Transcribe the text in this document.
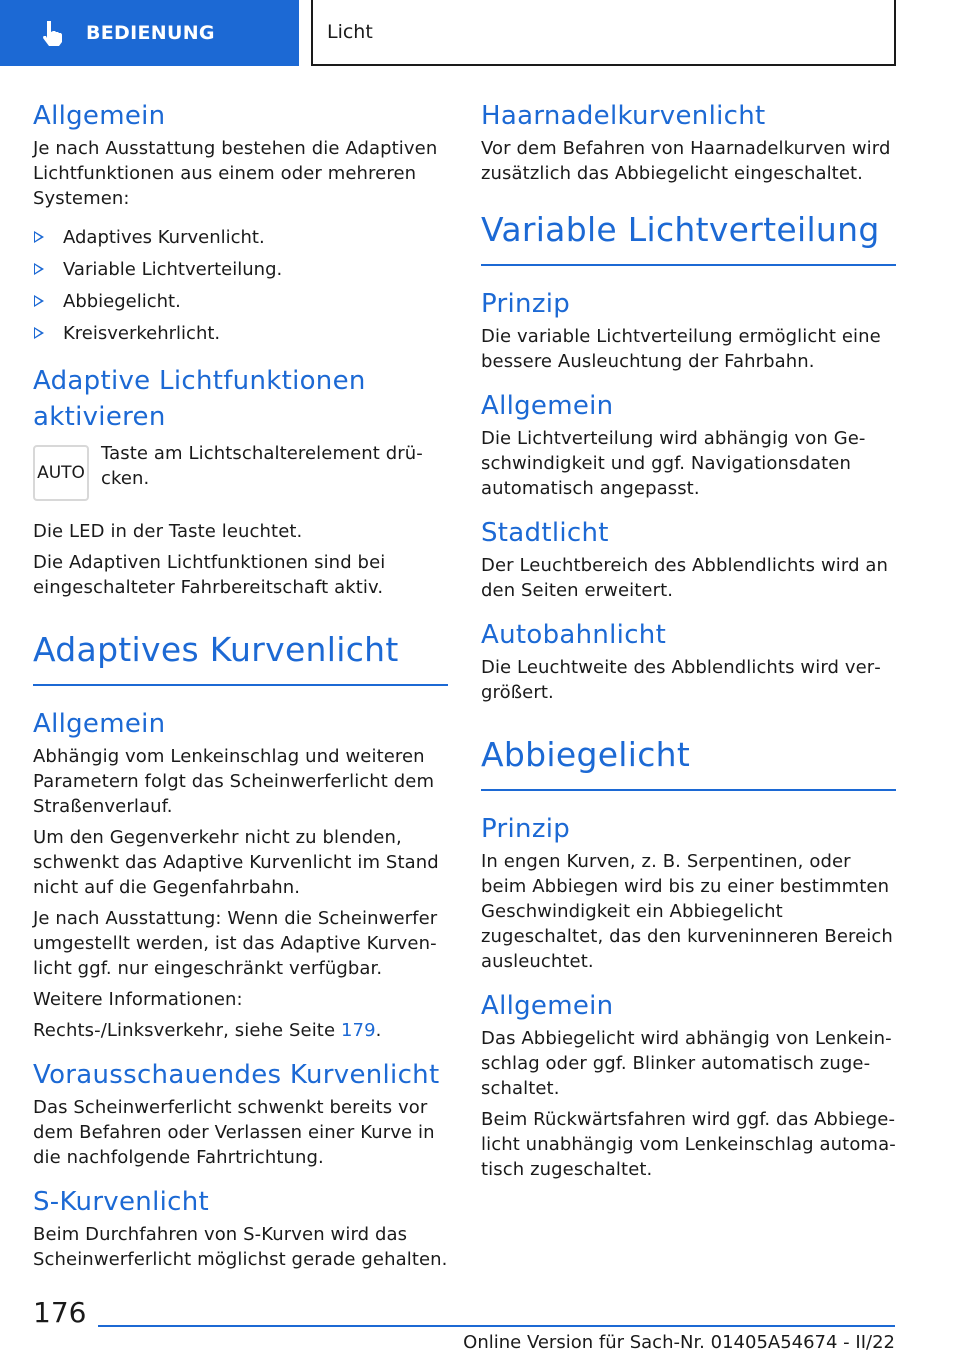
BEDIENUNG	Licht
Allgemein

Je nach Ausstattung bestehen die Adaptiven Lichtfunktionen aus einem oder mehreren Systemen:

Adaptives Kurvenlicht.
Variable Lichtverteilung.
Abbiegelicht.
Kreisverkehrlicht.
Adaptive Lichtfunktionen aktivieren
AUTO

Taste am Lichtschalterelement drücken.

Die LED in der Taste leuchtet.

Die Adaptiven Lichtfunktionen sind bei eingeschalteter Fahrbereitschaft aktiv.

Adaptives Kurvenlicht
Allgemein

Abhängig vom Lenkeinschlag und weiteren Parametern folgt das Scheinwerferlicht dem Straßenverlauf.

Um den Gegenverkehr nicht zu blenden, schwenkt das Adaptive Kurvenlicht im Stand nicht auf die Gegenfahrbahn.

Je nach Ausstattung: Wenn die Scheinwerfer umgestellt werden, ist das Adaptive Kurvenlicht ggf. nur eingeschränkt verfügbar.

Weitere Informationen:

Rechts-/Linksverkehr, siehe Seite 179.

Vorausschauendes Kurvenlicht

Das Scheinwerferlicht schwenkt bereits vor dem Befahren oder Verlassen einer Kurve in die nachfolgende Fahrtrichtung.

S-Kurvenlicht

Beim Durchfahren von S-Kurven wird das Scheinwerferlicht möglichst gerade gehalten.

Haarnadelkurvenlicht

Vor dem Befahren von Haarnadelkurven wird zusätzlich das Abbiegelicht eingeschaltet.

Variable Lichtverteilung
Prinzip

Die variable Lichtverteilung ermöglicht eine bessere Ausleuchtung der Fahrbahn.

Allgemein

Die Lichtverteilung wird abhängig von Geschwindigkeit und ggf. Navigationsdaten automatisch angepasst.

Stadtlicht

Der Leuchtbereich des Abblendlichts wird an den Seiten erweitert.

Autobahnlicht

Die Leuchtweite des Abblendlichts wird vergrößert.

Abbiegelicht
Prinzip

In engen Kurven, z. B. Serpentinen, oder beim Abbiegen wird bis zu einer bestimmten Geschwindigkeit ein Abbiegelicht zugeschaltet, das den kurveninneren Bereich ausleuchtet.

Allgemein

Das Abbiegelicht wird abhängig von Lenkeinschlag oder ggf. Blinker automatisch zugeschaltet.

Beim Rückwärtsfahren wird ggf. das Abbiegelicht unabhängig vom Lenkeinschlag automatisch zugeschaltet.

176
Online Version für Sach-Nr. 01405A54674 - II/22
